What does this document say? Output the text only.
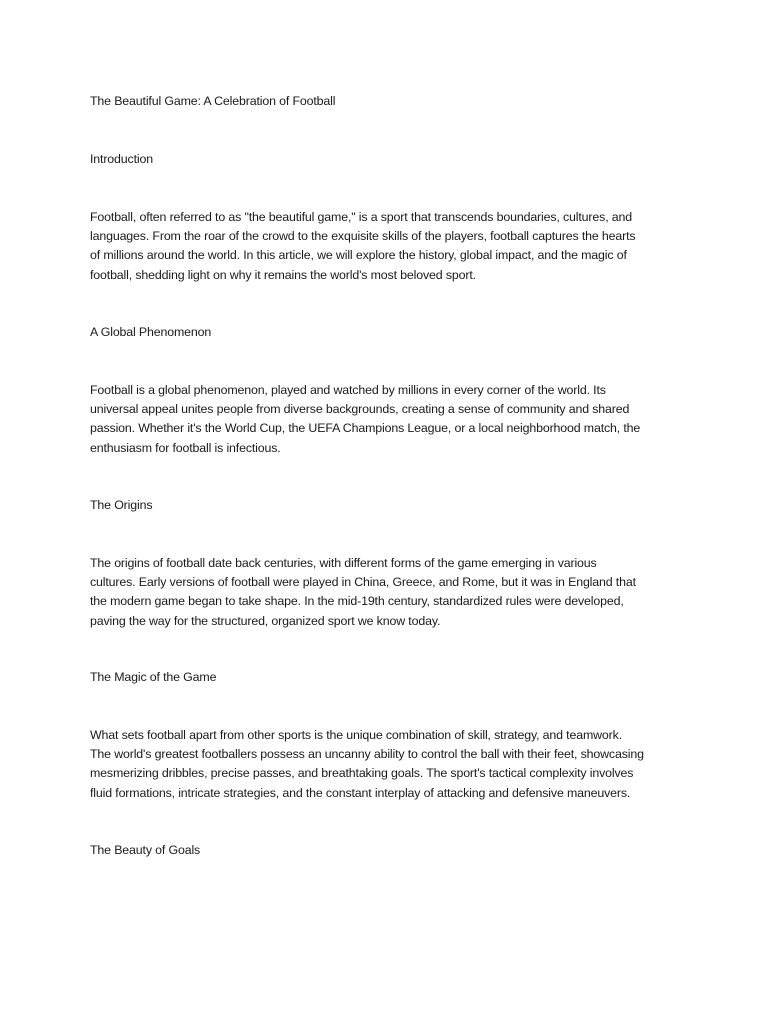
The Beautiful Game: A Celebration of Football

Introduction

Football, often referred to as "the beautiful game," is a sport that transcends boundaries, cultures, and
languages. From the roar of the crowd to the exquisite skills of the players, football captures the hearts
of millions around the world. In this article, we will explore the history, global impact, and the magic of
football, shedding light on why it remains the world's most beloved sport.

A Global Phenomenon

Football is a global phenomenon, played and watched by millions in every corner of the world. Its
universal appeal unites people from diverse backgrounds, creating a sense of community and shared
passion. Whether it's the World Cup, the UEFA Champions League, or a local neighborhood match, the
enthusiasm for football is infectious.

The Origins

The origins of football date back centuries, with different forms of the game emerging in various
cultures. Early versions of football were played in China, Greece, and Rome, but it was in England that
the modern game began to take shape. In the mid-19th century, standardized rules were developed,
paving the way for the structured, organized sport we know today.

The Magic of the Game

What sets football apart from other sports is the unique combination of skill, strategy, and teamwork.
The world's greatest footballers possess an uncanny ability to control the ball with their feet, showcasing
mesmerizing dribbles, precise passes, and breathtaking goals. The sport's tactical complexity involves
fluid formations, intricate strategies, and the constant interplay of attacking and defensive maneuvers.

The Beauty of Goals
